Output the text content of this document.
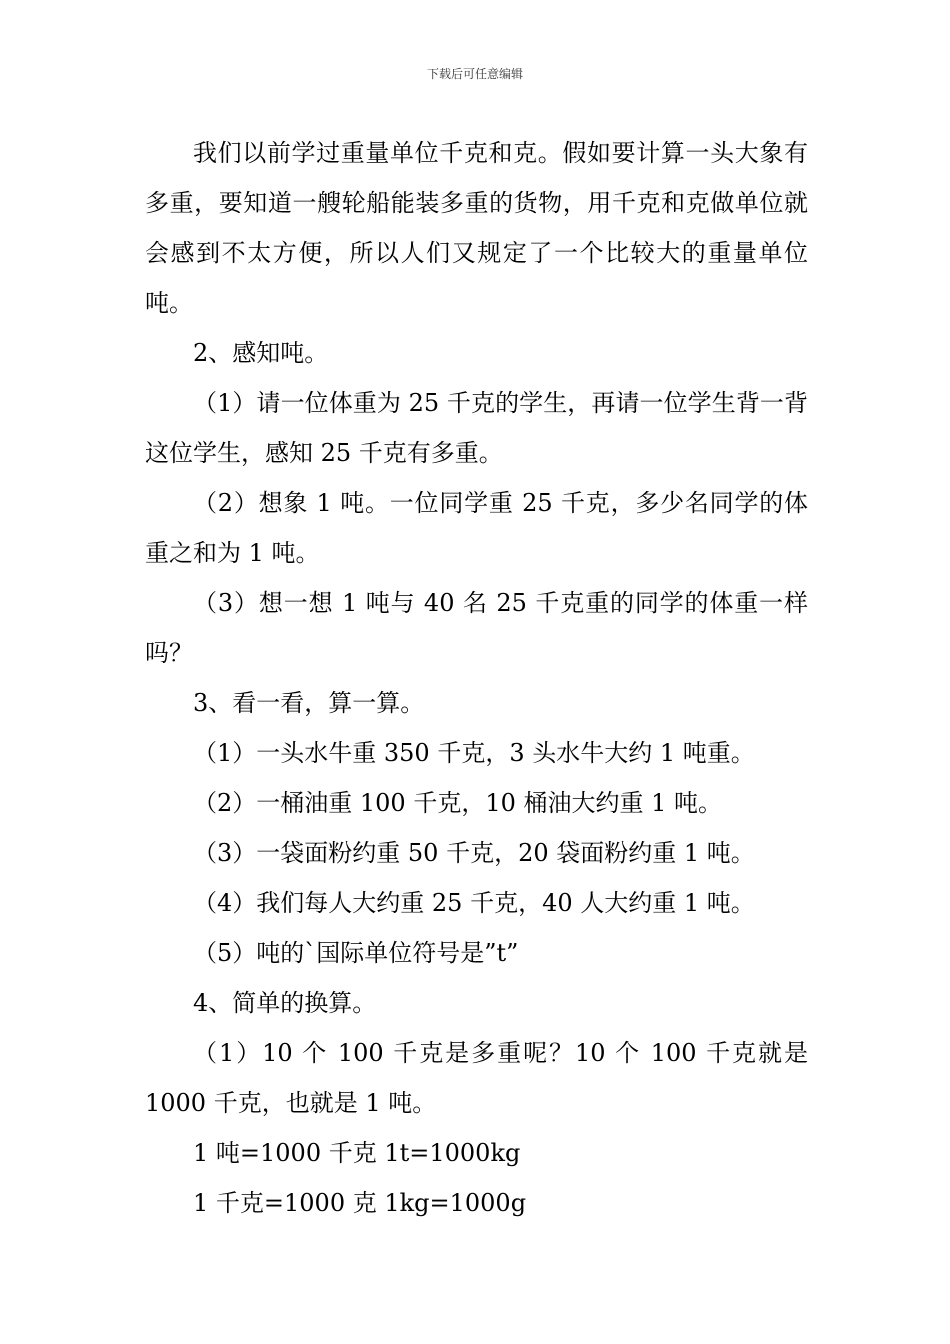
下载后可任意编辑

我们以前学过重量单位千克和克。假如要计算一头大象有多重，要知道一艘轮船能装多重的货物，用千克和克做单位就会感到不太方便，所以人们又规定了一个比较大的重量单位吨。

2、感知吨。

（1）请一位体重为 25 千克的学生，再请一位学生背一背这位学生，感知 25 千克有多重。

（2）想象 1 吨。一位同学重 25 千克，多少名同学的体重之和为 1 吨。

（3）想一想 1 吨与 40 名 25 千克重的同学的体重一样吗？

3、看一看，算一算。

（1）一头水牛重 350 千克，3 头水牛大约 1 吨重。

（2）一桶油重 100 千克，10 桶油大约重 1 吨。

（3）一袋面粉约重 50 千克，20 袋面粉约重 1 吨。

（4）我们每人大约重 25 千克，40 人大约重 1 吨。

（5）吨的`国际单位符号是”t”

4、简单的换算。

（1）10 个 100 千克是多重呢？10 个 100 千克就是 1000 千克，也就是 1 吨。

1 吨=1000 千克 1t=1000kg

1 千克=1000 克 1kg=1000g
